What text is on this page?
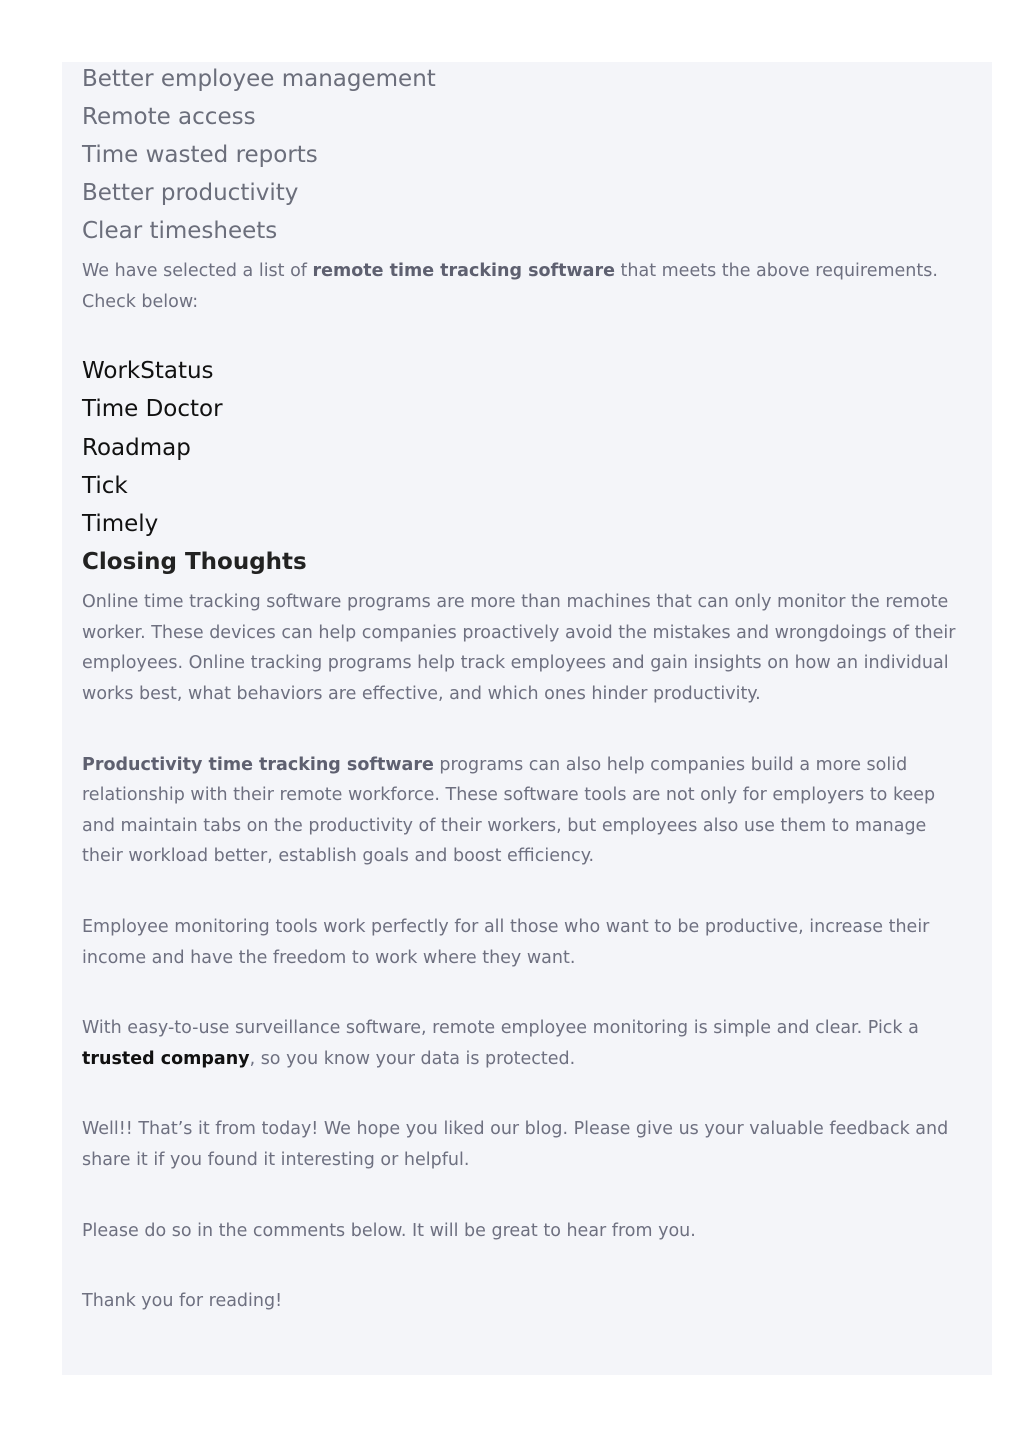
Better employee management
Remote access
Time wasted reports
Better productivity
Clear timesheets

We have selected a list of remote time tracking software that meets the above requirements. Check below:

WorkStatus
Time Doctor
Roadmap
Tick
Timely
Closing Thoughts

Online time tracking software programs are more than machines that can only monitor the remote worker. These devices can help companies proactively avoid the mistakes and wrongdoings of their employees. Online tracking programs help track employees and gain insights on how an individual works best, what behaviors are effective, and which ones hinder productivity.

Productivity time tracking software programs can also help companies build a more solid relationship with their remote workforce. These software tools are not only for employers to keep and maintain tabs on the productivity of their workers, but employees also use them to manage their workload better, establish goals and boost efficiency.

Employee monitoring tools work perfectly for all those who want to be productive, increase their income and have the freedom to work where they want.

With easy-to-use surveillance software, remote employee monitoring is simple and clear. Pick a trusted company, so you know your data is protected.

Well!! That’s it from today! We hope you liked our blog. Please give us your valuable feedback and share it if you found it interesting or helpful.

Please do so in the comments below. It will be great to hear from you.

Thank you for reading!
